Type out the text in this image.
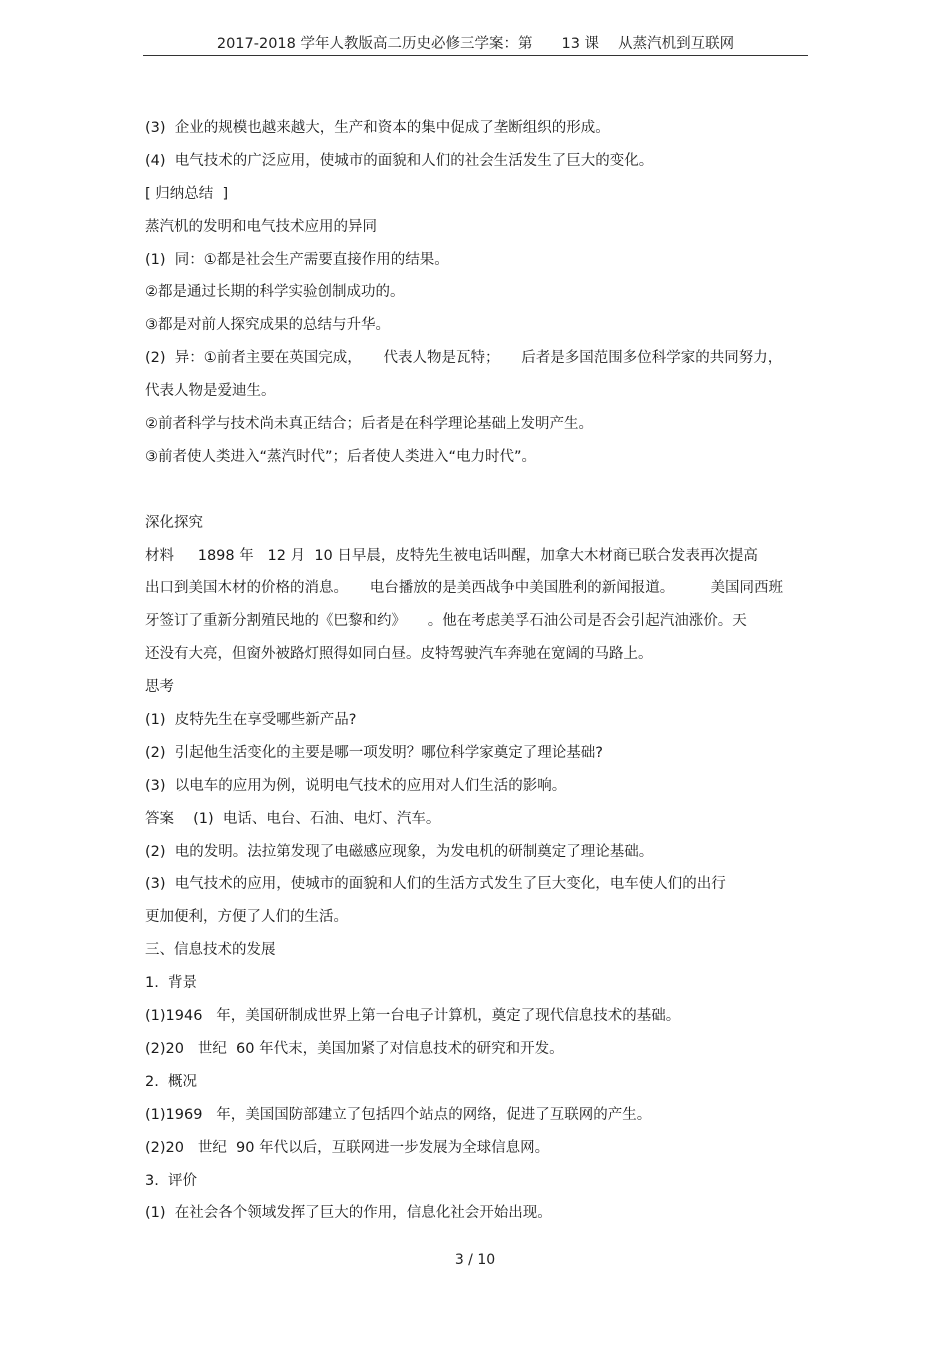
2017-2018 学年人教版高二历史必修三学案：第　　13 课　 从蒸汽机到互联网
(3)  企业的规模也越来越大，生产和资本的集中促成了垄断组织的形成。
(4)  电气技术的广泛应用，使城市的面貌和人们的社会生活发生了巨大的变化。
[ 归纳总结  ]
蒸汽机的发明和电气技术应用的异同
(1)  同：①都是社会生产需要直接作用的结果。
②都是通过长期的科学实验创制成功的。
③都是对前人探究成果的总结与升华。
(2)  异：①前者主要在英国完成，　　代表人物是瓦特；　　后者是多国范围多位科学家的共同努力，
代表人物是爱迪生。
②前者科学与技术尚未真正结合；后者是在科学理论基础上发明产生。
③前者使人类进入“蒸汽时代”；后者使人类进入“电力时代”。
深化探究
材料　  1898 年   12 月  10 日早晨，皮特先生被电话叫醒，加拿大木材商已联合发表再次提高
出口到美国木材的价格的消息。　　电台播放的是美西战争中美国胜利的新闻报道。　　　美国同西班
牙签订了重新分割殖民地的《巴黎和约》　　。他在考虑美孚石油公司是否会引起汽油涨价。天
还没有大亮，但窗外被路灯照得如同白昼。皮特驾驶汽车奔驰在宽阔的马路上。
思考
(1)  皮特先生在享受哪些新产品?
(2)  引起他生活变化的主要是哪一项发明？哪位科学家奠定了理论基础?
(3)  以电车的应用为例，说明电气技术的应用对人们生活的影响。
答案　 (1)  电话、电台、石油、电灯、汽车。
(2)  电的发明。法拉第发现了电磁感应现象，为发电机的研制奠定了理论基础。
(3)  电气技术的应用，使城市的面貌和人们的生活方式发生了巨大变化，电车使人们的出行
更加便利，方便了人们的生活。
三、信息技术的发展
1.  背景
(1)1946   年，美国研制成世界上第一台电子计算机，奠定了现代信息技术的基础。
(2)20   世纪  60 年代末，美国加紧了对信息技术的研究和开发。
2.  概况
(1)1969   年，美国国防部建立了包括四个站点的网络，促进了互联网的产生。
(2)20   世纪  90 年代以后，互联网进一步发展为全球信息网。
3.  评价
(1)  在社会各个领域发挥了巨大的作用，信息化社会开始出现。
3 / 10
